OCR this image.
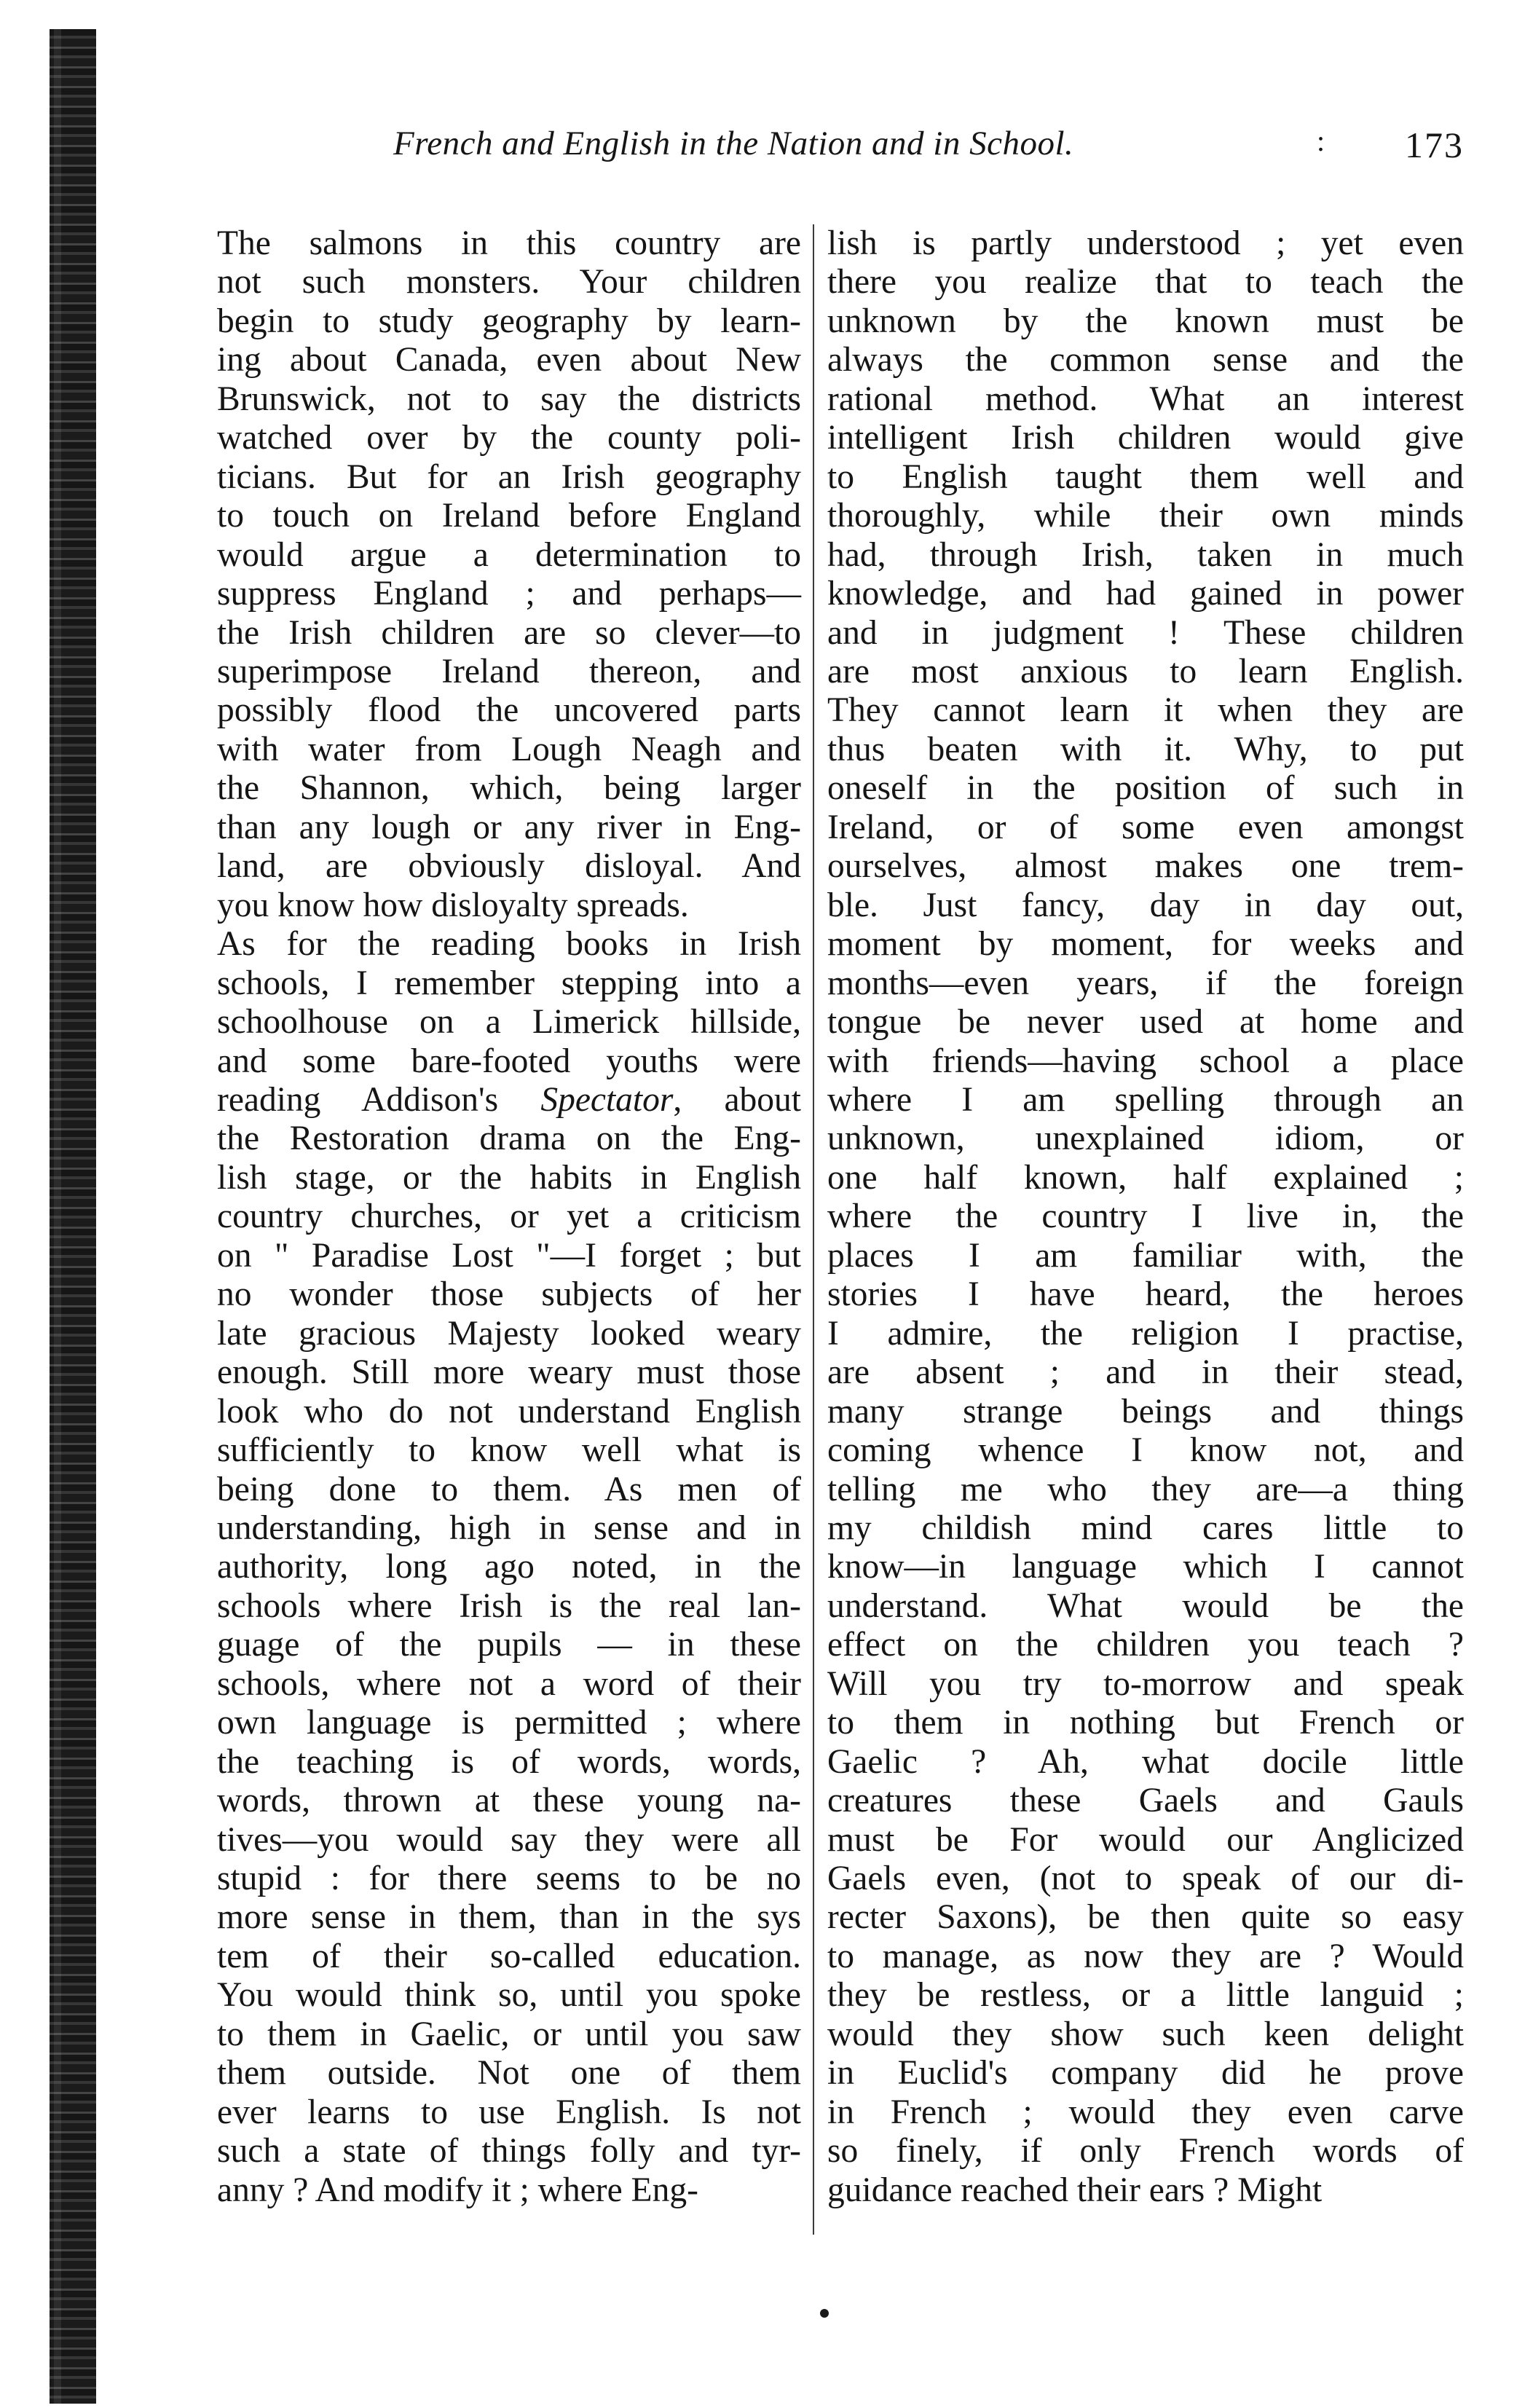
French and English in the Nation and in School.	: 173

The salmons in this country are
not such monsters. Your children
begin to study geography by learn-
ing about Canada, even about New
Brunswick, not to say the districts
watched over by the county poli-
ticians. But for an Irish geography
to touch on Ireland before England
would argue a determination to
suppress England ; and perhaps—
the Irish children are so clever—to
superimpose Ireland thereon, and
possibly flood the uncovered parts
with water from Lough Neagh and
the Shannon, which, being larger
than any lough or any river in Eng-
land, are obviously disloyal. And
you know how disloyalty spreads.

As for the reading books in Irish
schools, I remember stepping into a
schoolhouse on a Limerick hillside,
and some bare-footed youths were
reading Addison's Spectator, about
the Restoration drama on the Eng-
lish stage, or the habits in English
country churches, or yet a criticism
on " Paradise Lost "—I forget ; but
no wonder those subjects of her
late gracious Majesty looked weary
enough. Still more weary must those
look who do not understand English
sufficiently to know well what is
being done to them. As men of
understanding, high in sense and in
authority, long ago noted, in the
schools where Irish is the real lan-
guage of the pupils — in these
schools, where not a word of their
own language is permitted ; where
the teaching is of words, words,
words, thrown at these young na-
tives—you would say they were all
stupid : for there seems to be no
more sense in them, than in the sys
tem of their so-called education.
You would think so, until you spoke
to them in Gaelic, or until you saw
them outside. Not one of them
ever learns to use English. Is not
such a state of things folly and tyr-
anny ? And modify it ; where Eng-

lish is partly understood ; yet even
there you realize that to teach the
unknown by the known must be
always the common sense and the
rational method. What an interest
intelligent Irish children would give
to English taught them well and
thoroughly, while their own minds
had, through Irish, taken in much
knowledge, and had gained in power
and in judgment ! These children
are most anxious to learn English.
They cannot learn it when they are
thus beaten with it. Why, to put
oneself in the position of such in
Ireland, or of some even amongst
ourselves, almost makes one trem-
ble. Just fancy, day in day out,
moment by moment, for weeks and
months—even years, if the foreign
tongue be never used at home and
with friends—having school a place
where I am spelling through an
unknown, unexplained idiom, or
one half known, half explained ;
where the country I live in, the
places I am familiar with, the
stories I have heard, the heroes
I admire, the religion I practise,
are absent ; and in their stead,
many strange beings and things
coming whence I know not, and
telling me who they are—a thing
my childish mind cares little to
know—in language which I cannot
understand. What would be the
effect on the children you teach ?
Will you try to-morrow and speak
to them in nothing but French or
Gaelic ? Ah, what docile little
creatures these Gaels and Gauls
must be For would our Anglicized
Gaels even, (not to speak of our di-
recter Saxons), be then quite so easy
to manage, as now they are ? Would
they be restless, or a little languid ;
would they show such keen delight
in Euclid's company did he prove
in French ; would they even carve
so finely, if only French words of
guidance reached their ears ? Might
